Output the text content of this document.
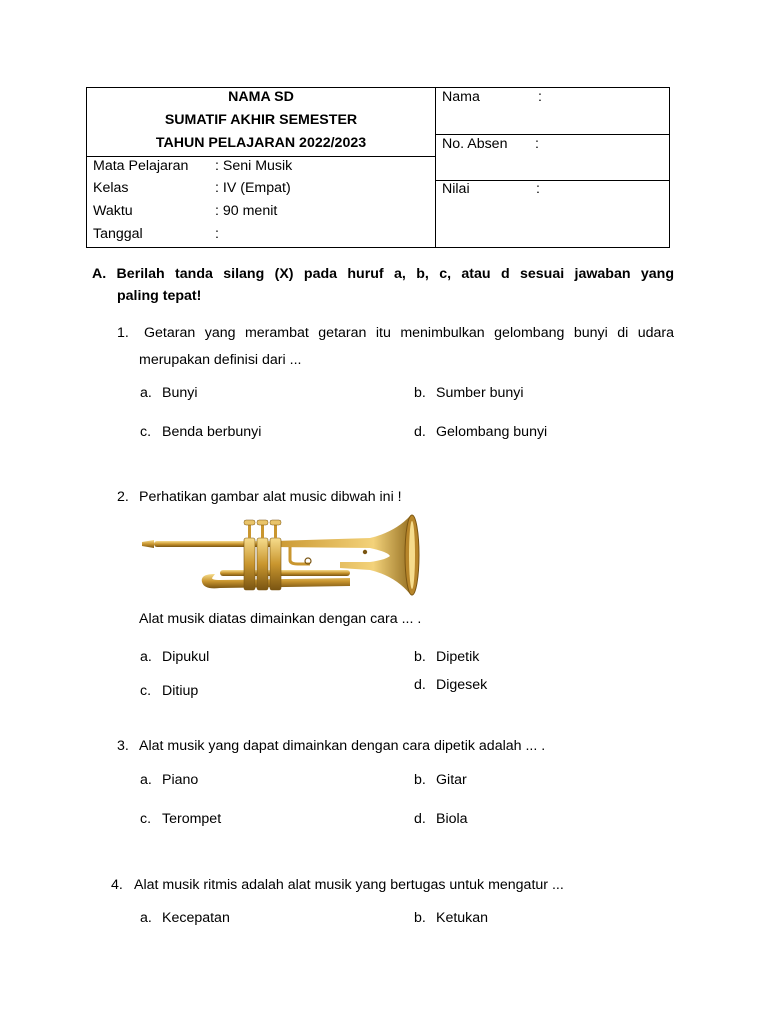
NAMA SD
SUMATIF AKHIR SEMESTER
TAHUN PELAJARAN 2022/2023
Mata Pelajaran : Seni Musik
Kelas	: IV (Empat)
Waktu	: 90 menit
Tanggal	:
Nama	:
No. Absen :
Nilai	:
A. Berilah tanda silang (X) pada huruf a, b, c, atau d sesuai jawaban yang
paling tepat!
1. Getaran yang merambat getaran itu menimbulkan gelombang bunyi di udara
merupakan definisi dari ...
a. Bunyi	b. Sumber bunyi
c. Benda berbunyi	d. Gelombang bunyi
2. Perhatikan gambar alat music dibwah ini !
Alat musik diatas dimainkan dengan cara ... .
a. Dipukul	b. Dipetik
c. Ditiup	d. Digesek
3. Alat musik yang dapat dimainkan dengan cara dipetik adalah ... .
a. Piano	b. Gitar
c. Terompet	d. Biola
4. Alat musik ritmis adalah alat musik yang bertugas untuk mengatur ...
a. Kecepatan	b. Ketukan
